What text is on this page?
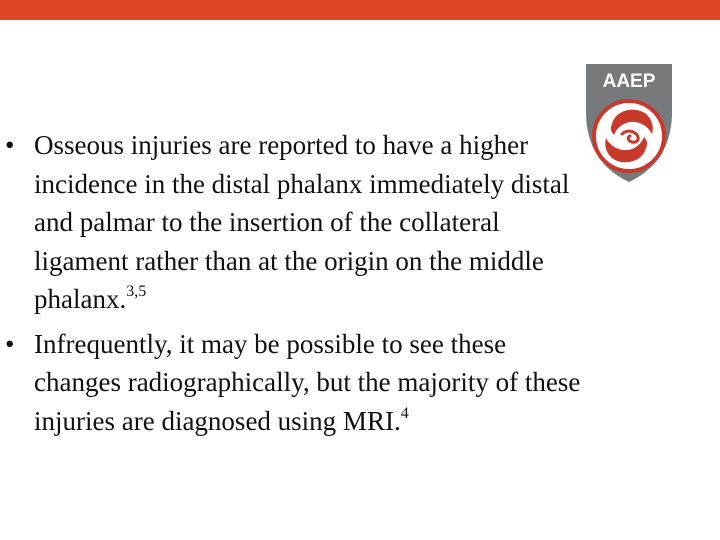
AAEP
• Osseous injuries are reported to have a higher incidence in the distal phalanx immediately distal and palmar to the insertion of the collateral ligament rather than at the origin on the middle phalanx.$^{3,5}$
• Infrequently, it may be possible to see these changes radiographically, but the majority of these injuries are diagnosed using MRI.$^4$
